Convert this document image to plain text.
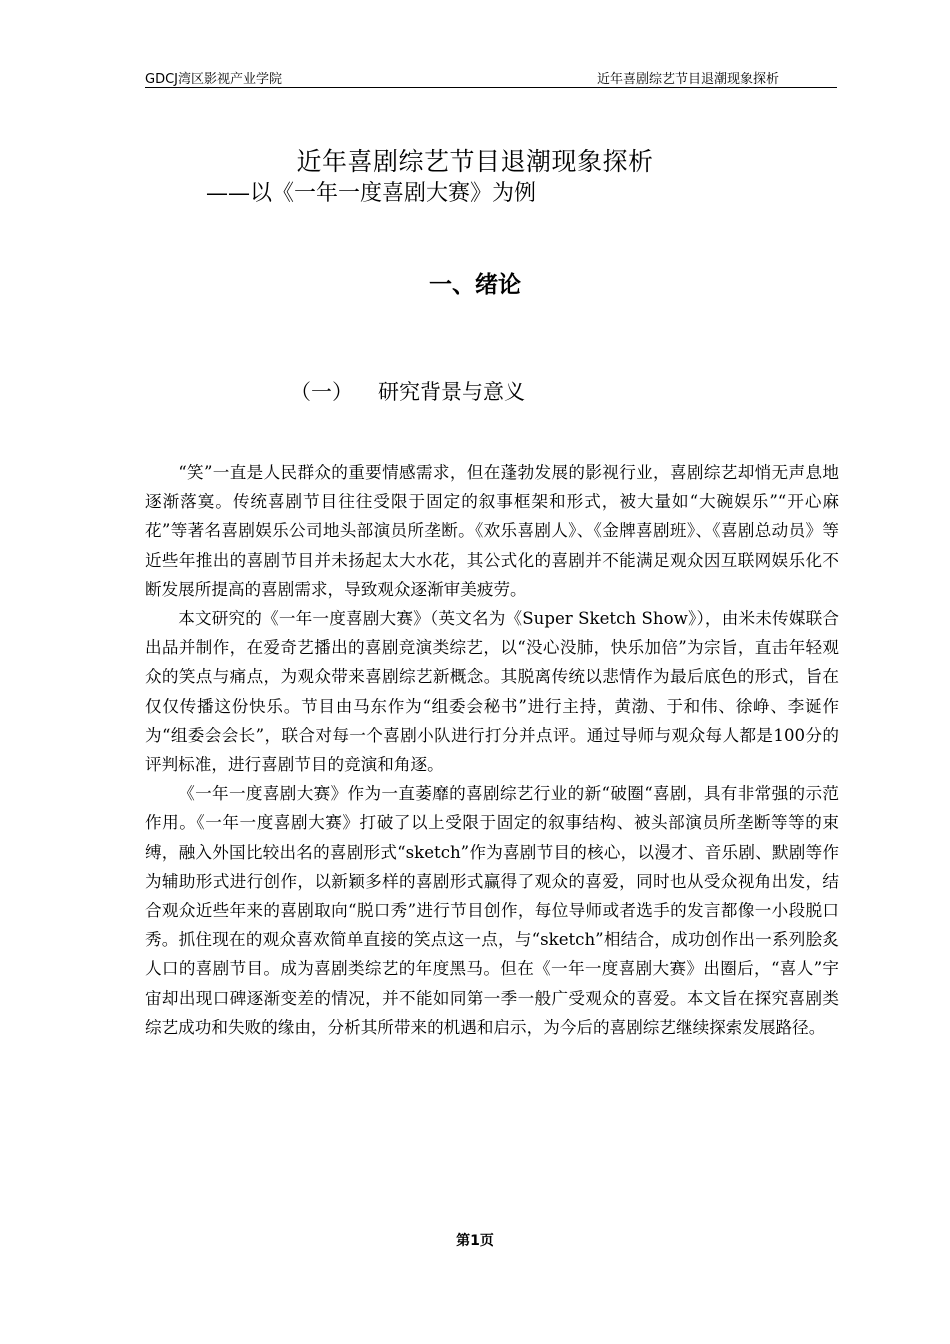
GDCJ湾区影视产业学院	近年喜剧综艺节目退潮现象探析
近年喜剧综艺节目退潮现象探析
——以《一年一度喜剧大赛》为例
一、绪论
（一） 研究背景与意义

“笑”一直是人民群众的重要情感需求，但在蓬勃发展的影视行业，喜剧综艺却悄无声息地逐渐落寞。传统喜剧节目往往受限于固定的叙事框架和形式，被大量如“大碗娱乐”“开心麻花”等著名喜剧娱乐公司地头部演员所垄断。《欢乐喜剧人》、《金牌喜剧班》、《喜剧总动员》等近些年推出的喜剧节目并未扬起太大水花，其公式化的喜剧并不能满足观众因互联网娱乐化不断发展所提高的喜剧需求，导致观众逐渐审美疲劳。

本文研究的《一年一度喜剧大赛》（英文名为《Super Sketch Show》），由米未传媒联合出品并制作，在爱奇艺播出的喜剧竞演类综艺，以“没心没肺，快乐加倍”为宗旨，直击年轻观众的笑点与痛点，为观众带来喜剧综艺新概念。其脱离传统以悲情作为最后底色的形式，旨在仅仅传播这份快乐。节目由马东作为“组委会秘书”进行主持，黄渤、于和伟、徐峥、李诞作为“组委会会长”，联合对每一个喜剧小队进行打分并点评。通过导师与观众每人都是100分的评判标准，进行喜剧节目的竞演和角逐。

《一年一度喜剧大赛》作为一直萎靡的喜剧综艺行业的新“破圈“喜剧，具有非常强的示范作用。《一年一度喜剧大赛》打破了以上受限于固定的叙事结构、被头部演员所垄断等等的束缚，融入外国比较出名的喜剧形式“sketch”作为喜剧节目的核心，以漫才、音乐剧、默剧等作为辅助形式进行创作，以新颖多样的喜剧形式赢得了观众的喜爱，同时也从受众视角出发，结合观众近些年来的喜剧取向“脱口秀”进行节目创作，每位导师或者选手的发言都像一小段脱口秀。抓住现在的观众喜欢简单直接的笑点这一点，与“sketch”相结合，成功创作出一系列脍炙人口的喜剧节目。成为喜剧类综艺的年度黑马。但在《一年一度喜剧大赛》出圈后，“喜人”宇宙却出现口碑逐渐变差的情况，并不能如同第一季一般广受观众的喜爱。本文旨在探究喜剧类综艺成功和失败的缘由，分析其所带来的机遇和启示，为今后的喜剧综艺继续探索发展路径。

第1页
